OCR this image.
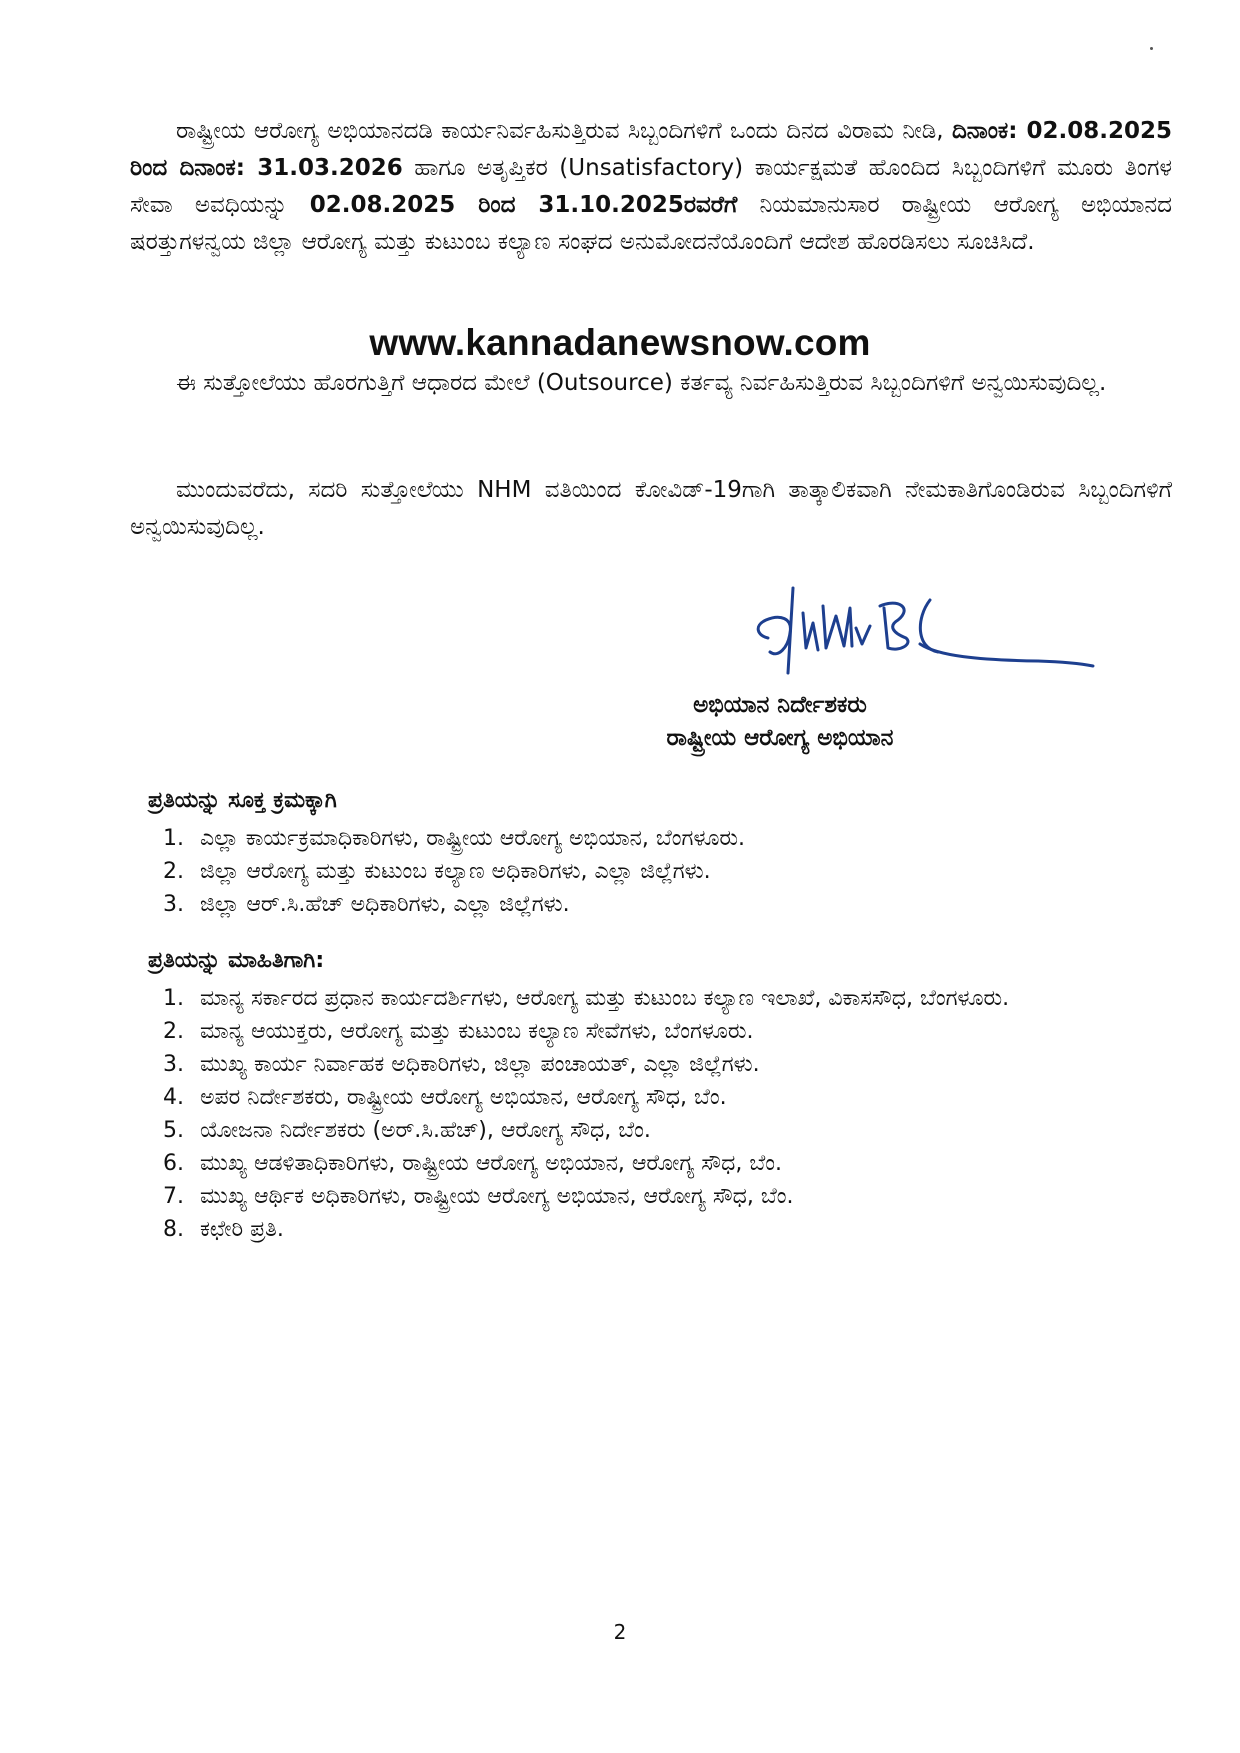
ರಾಷ್ಟ್ರೀಯ ಆರೋಗ್ಯ ಅಭಿಯಾನದಡಿ ಕಾರ್ಯನಿರ್ವಹಿಸುತ್ತಿರುವ ಸಿಬ್ಬಂದಿಗಳಿಗೆ ಒಂದು ದಿನದ ವಿರಾಮ ನೀಡಿ, ದಿನಾಂಕ: 02.08.2025 ರಿಂದ ದಿನಾಂಕ: 31.03.2026 ಹಾಗೂ ಅತೃಪ್ತಿಕರ (Unsatisfactory) ಕಾರ್ಯಕ್ಷಮತೆ ಹೊಂದಿದ ಸಿಬ್ಬಂದಿಗಳಿಗೆ ಮೂರು ತಿಂಗಳ ಸೇವಾ ಅವಧಿಯನ್ನು 02.08.2025 ರಿಂದ 31.10.2025ರವರೆಗೆ ನಿಯಮಾನುಸಾರ ರಾಷ್ಟ್ರೀಯ ಆರೋಗ್ಯ ಅಭಿಯಾನದ ಷರತ್ತುಗಳನ್ವಯ ಜಿಲ್ಲಾ ಆರೋಗ್ಯ ಮತ್ತು ಕುಟುಂಬ ಕಲ್ಯಾಣ ಸಂಘದ ಅನುಮೋದನೆಯೊಂದಿಗೆ ಆದೇಶ ಹೊರಡಿಸಲು ಸೂಚಿಸಿದೆ.

www.kannadanewsnow.com

ಈ ಸುತ್ತೋಲೆಯು ಹೊರಗುತ್ತಿಗೆ ಆಧಾರದ ಮೇಲೆ (Outsource) ಕರ್ತವ್ಯ ನಿರ್ವಹಿಸುತ್ತಿರುವ ಸಿಬ್ಬಂದಿಗಳಿಗೆ ಅನ್ವಯಿಸುವುದಿಲ್ಲ.

ಮುಂದುವರೆದು, ಸದರಿ ಸುತ್ತೋಲೆಯು NHM ವತಿಯಿಂದ ಕೋವಿಡ್-19ಗಾಗಿ ತಾತ್ಕಾಲಿಕವಾಗಿ ನೇಮಕಾತಿಗೊಂಡಿರುವ ಸಿಬ್ಬಂದಿಗಳಿಗೆ ಅನ್ವಯಿಸುವುದಿಲ್ಲ.

ಅಭಿಯಾನ ನಿರ್ದೇಶಕರು
ರಾಷ್ಟ್ರೀಯ ಆರೋಗ್ಯ ಅಭಿಯಾನ
ಪ್ರತಿಯನ್ನು ಸೂಕ್ತ ಕ್ರಮಕ್ಕಾಗಿ
1. ಎಲ್ಲಾ ಕಾರ್ಯಕ್ರಮಾಧಿಕಾರಿಗಳು, ರಾಷ್ಟ್ರೀಯ ಆರೋಗ್ಯ ಅಭಿಯಾನ, ಬೆಂಗಳೂರು.
2. ಜಿಲ್ಲಾ ಆರೋಗ್ಯ ಮತ್ತು ಕುಟುಂಬ ಕಲ್ಯಾಣ ಅಧಿಕಾರಿಗಳು, ಎಲ್ಲಾ ಜಿಲ್ಲೆಗಳು.
3. ಜಿಲ್ಲಾ ಆರ್.ಸಿ.ಹೆಚ್ ಅಧಿಕಾರಿಗಳು, ಎಲ್ಲಾ ಜಿಲ್ಲೆಗಳು.
ಪ್ರತಿಯನ್ನು ಮಾಹಿತಿಗಾಗಿ:
1. ಮಾನ್ಯ ಸರ್ಕಾರದ ಪ್ರಧಾನ ಕಾರ್ಯದರ್ಶಿಗಳು, ಆರೋಗ್ಯ ಮತ್ತು ಕುಟುಂಬ ಕಲ್ಯಾಣ ಇಲಾಖೆ, ವಿಕಾಸಸೌಧ, ಬೆಂಗಳೂರು.
2. ಮಾನ್ಯ ಆಯುಕ್ತರು, ಆರೋಗ್ಯ ಮತ್ತು ಕುಟುಂಬ ಕಲ್ಯಾಣ ಸೇವೆಗಳು, ಬೆಂಗಳೂರು.
3. ಮುಖ್ಯ ಕಾರ್ಯ ನಿರ್ವಾಹಕ ಅಧಿಕಾರಿಗಳು, ಜಿಲ್ಲಾ ಪಂಚಾಯತ್, ಎಲ್ಲಾ ಜಿಲ್ಲೆಗಳು.
4. ಅಪರ ನಿರ್ದೇಶಕರು, ರಾಷ್ಟ್ರೀಯ ಆರೋಗ್ಯ ಅಭಿಯಾನ, ಆರೋಗ್ಯ ಸೌಧ, ಬೆಂ.
5. ಯೋಜನಾ ನಿರ್ದೇಶಕರು (ಅರ್.ಸಿ.ಹೆಚ್), ಆರೋಗ್ಯ ಸೌಧ, ಬೆಂ.
6. ಮುಖ್ಯ ಆಡಳಿತಾಧಿಕಾರಿಗಳು, ರಾಷ್ಟ್ರೀಯ ಆರೋಗ್ಯ ಅಭಿಯಾನ, ಆರೋಗ್ಯ ಸೌಧ, ಬೆಂ.
7. ಮುಖ್ಯ ಆರ್ಥಿಕ ಅಧಿಕಾರಿಗಳು, ರಾಷ್ಟ್ರೀಯ ಆರೋಗ್ಯ ಅಭಿಯಾನ, ಆರೋಗ್ಯ ಸೌಧ, ಬೆಂ.
8. ಕಛೇರಿ ಪ್ರತಿ.
2
